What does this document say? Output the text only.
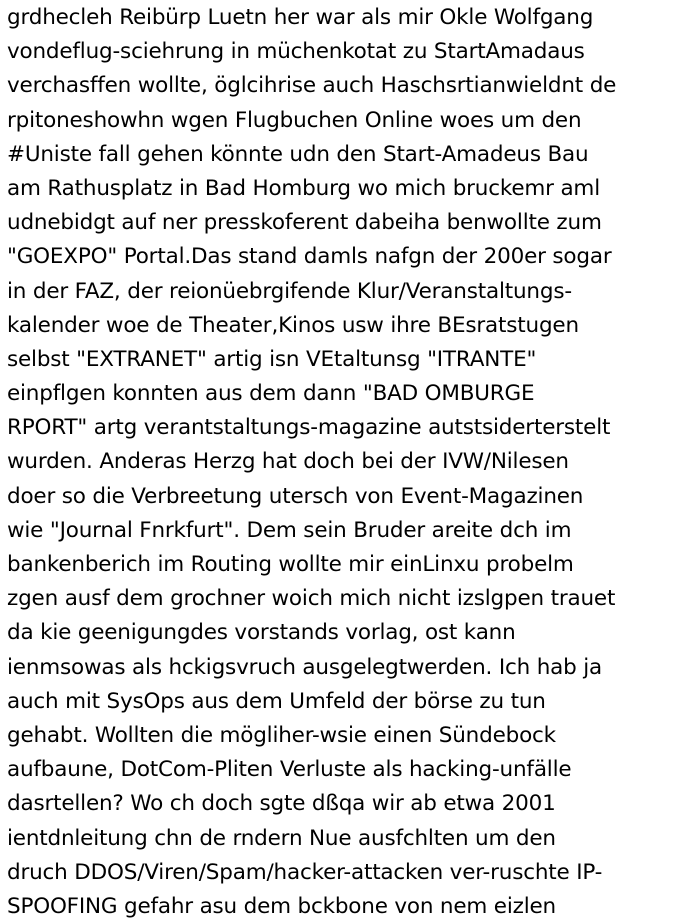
grdhecleh Reibürp Luetn her war als mir Okle Wolfgang
vondeflug-sciehrung in müchenkotat zu StartAmadaus
verchasffen wollte, öglcihrise auch Haschsrtianwieldnt de
rpitoneshowhn wgen Flugbuchen Online woes um den
#Uniste fall gehen könnte udn den Start-Amadeus Bau
am Rathusplatz in Bad Homburg wo mich bruckemr aml
udnebidgt auf ner presskoferent dabeiha benwollte zum
"GOEXPO" Portal.Das stand damls nafgn der 200er sogar
in der FAZ, der reionüebrgifende Klur/Veranstaltungs-
kalender woe de Theater,Kinos usw ihre BEsratstugen
selbst "EXTRANET" artig isn VEtaltunsg "ITRANTE"
einpflgen konnten aus dem dann "BAD OMBURGE
RPORT" artg verantstaltungs-magazine autstsiderterstelt
wurden. Anderas Herzg hat doch bei der IVW/Nilesen
doer so die Verbreetung utersch von Event-Magazinen
wie "Journal Fnrkfurt". Dem sein Bruder areite dch im
bankenberich im Routing wollte mir einLinxu probelm
zgen ausf dem grochner woich mich nicht izslgpen trauet
da kie geenigungdes vorstands vorlag, ost kann
ienmsowas als hckigsvruch ausgelegtwerden. Ich hab ja
auch mit SysOps aus dem Umfeld der börse zu tun
gehabt. Wollten die mögliher-wsie einen Sündebock
aufbaune, DotCom-Pliten Verluste als hacking-unfälle
dasrtellen? Wo ch doch sgte dßqa wir ab etwa 2001
ientdnleitung chn de rndern Nue ausfchlten um den
druch DDOS/Viren/Spam/hacker-attacken ver-ruschte IP-
SPOOFING gefahr asu dem bckbone von nem eizlen
